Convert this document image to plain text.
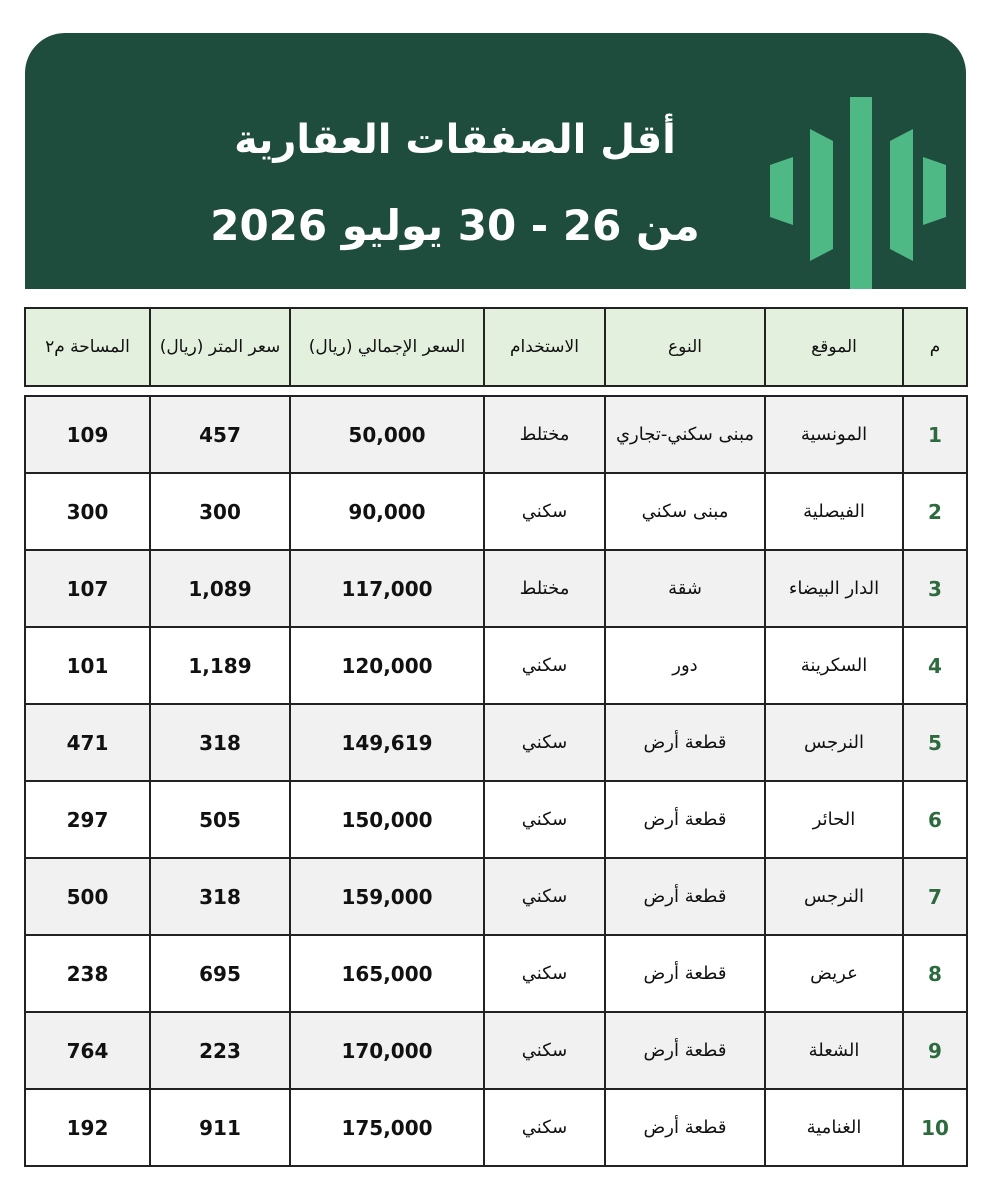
أقل الصفقات العقارية
من 26 - 30 يوليو 2026
م	الموقع	النوع	الاستخدام	السعر الإجمالي (ريال)	سعر المتر (ريال)	المساحة م٢
1	المونسية	مبنى سكني-تجاري	مختلط	50,000	457	109
2	الفيصلية	مبنى سكني	سكني	90,000	300	300
3	الدار البيضاء	شقة	مختلط	117,000	1,089	107
4	السكرينة	دور	سكني	120,000	1,189	101
5	النرجس	قطعة أرض	سكني	149,619	318	471
6	الحائر	قطعة أرض	سكني	150,000	505	297
7	النرجس	قطعة أرض	سكني	159,000	318	500
8	عريض	قطعة أرض	سكني	165,000	695	238
9	الشعلة	قطعة أرض	سكني	170,000	223	764
10	الغنامية	قطعة أرض	سكني	175,000	911	192
